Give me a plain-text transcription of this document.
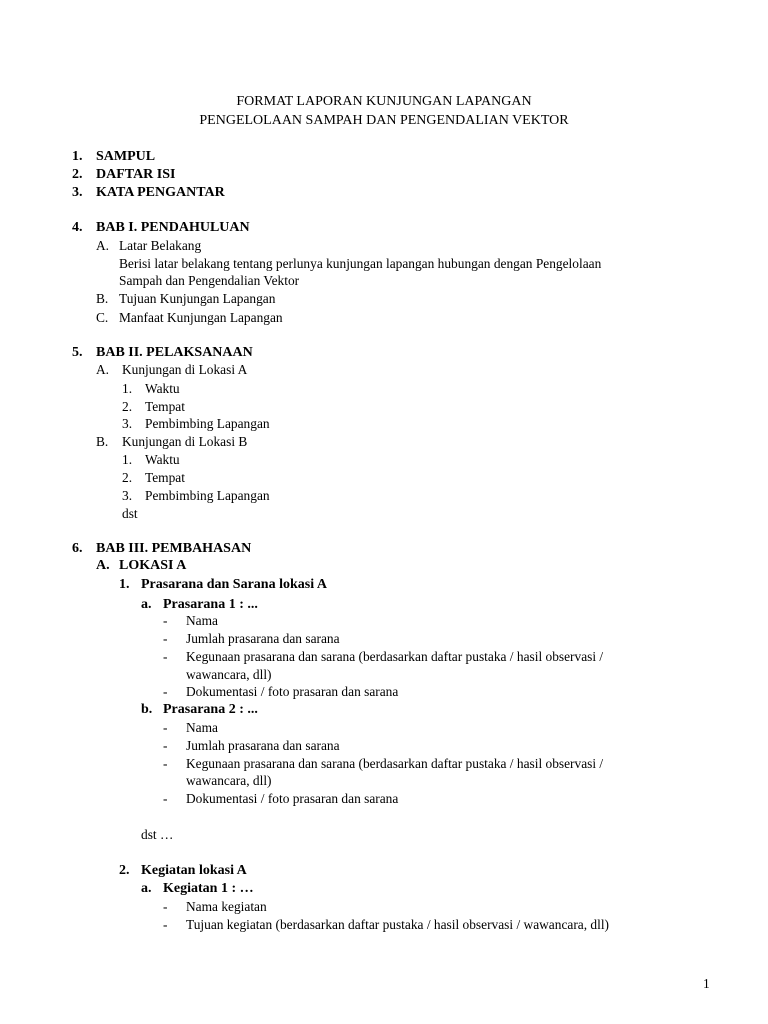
FORMAT LAPORAN KUNJUNGAN LAPANGAN
PENGELOLAAN SAMPAH DAN PENGENDALIAN VEKTOR
1. SAMPUL
2. DAFTAR ISI
3. KATA PENGANTAR
4. BAB I. PENDAHULUAN
A. Latar Belakang
Berisi latar belakang tentang perlunya kunjungan lapangan hubungan dengan Pengelolaan
Sampah dan Pengendalian Vektor
B. Tujuan Kunjungan Lapangan
C. Manfaat Kunjungan Lapangan
5. BAB II. PELAKSANAAN
A. Kunjungan di Lokasi A
1. Waktu
2. Tempat
3. Pembimbing Lapangan
B. Kunjungan di Lokasi B
1. Waktu
2. Tempat
3. Pembimbing Lapangan
dst
6. BAB III. PEMBAHASAN
A. LOKASI A
1. Prasarana dan Sarana lokasi A
a. Prasarana 1 : ...
- Nama
- Jumlah prasarana dan sarana
- Kegunaan prasarana dan sarana (berdasarkan daftar pustaka / hasil observasi /
wawancara, dll)
- Dokumentasi / foto prasaran dan sarana
b. Prasarana 2 : ...
- Nama
- Jumlah prasarana dan sarana
- Kegunaan prasarana dan sarana (berdasarkan daftar pustaka / hasil observasi /
wawancara, dll)
- Dokumentasi / foto prasaran dan sarana
dst …
2. Kegiatan lokasi A
a. Kegiatan 1 : …
- Nama kegiatan
- Tujuan kegiatan (berdasarkan daftar pustaka / hasil observasi / wawancara, dll)
1
